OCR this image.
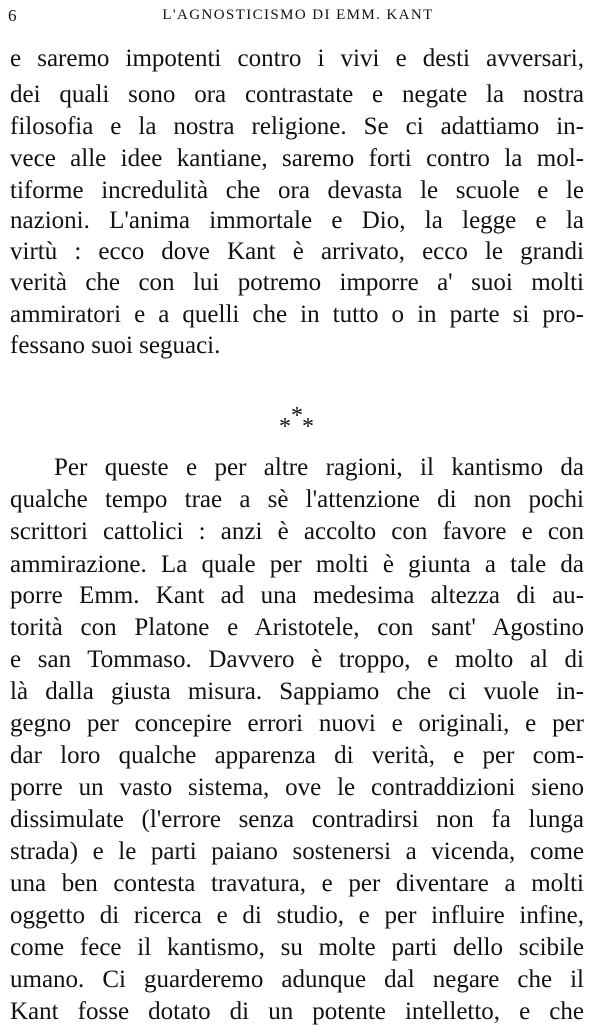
6	L'AGNOSTICISMO DI EMM. KANT
e saremo impotenti contro i vivi e desti avversari,
dei quali sono ora contrastate e negate la nostra
filosofia e la nostra religione. Se ci adattiamo in-
vece alle idee kantiane, saremo forti contro la mol-
tiforme incredulità che ora devasta le scuole e le
nazioni. L'anima immortale e Dio, la legge e la
virtù : ecco dove Kant è arrivato, ecco le grandi
verità che con lui potremo imporre a' suoi molti
ammiratori e a quelli che in tutto o in parte si pro-
fessano suoi seguaci.
*
* *
Per queste e per altre ragioni, il kantismo da
qualche tempo trae a sè l'attenzione di non pochi
scrittori cattolici : anzi è accolto con favore e con
ammirazione. La quale per molti è giunta a tale da
porre Emm. Kant ad una medesima altezza di au-
torità con Platone e Aristotele, con sant' Agostino
e san Tommaso. Davvero è troppo, e molto al di
là dalla giusta misura. Sappiamo che ci vuole in-
gegno per concepire errori nuovi e originali, e per
dar loro qualche apparenza di verità, e per com-
porre un vasto sistema, ove le contraddizioni sieno
dissimulate (l'errore senza contradirsi non fa lunga
strada) e le parti paiano sostenersi a vicenda, come
una ben contesta travatura, e per diventare a molti
oggetto di ricerca e di studio, e per influire infine,
come fece il kantismo, su molte parti dello scibile
umano. Ci guarderemo adunque dal negare che il
Kant fosse dotato di un potente intelletto, e che
